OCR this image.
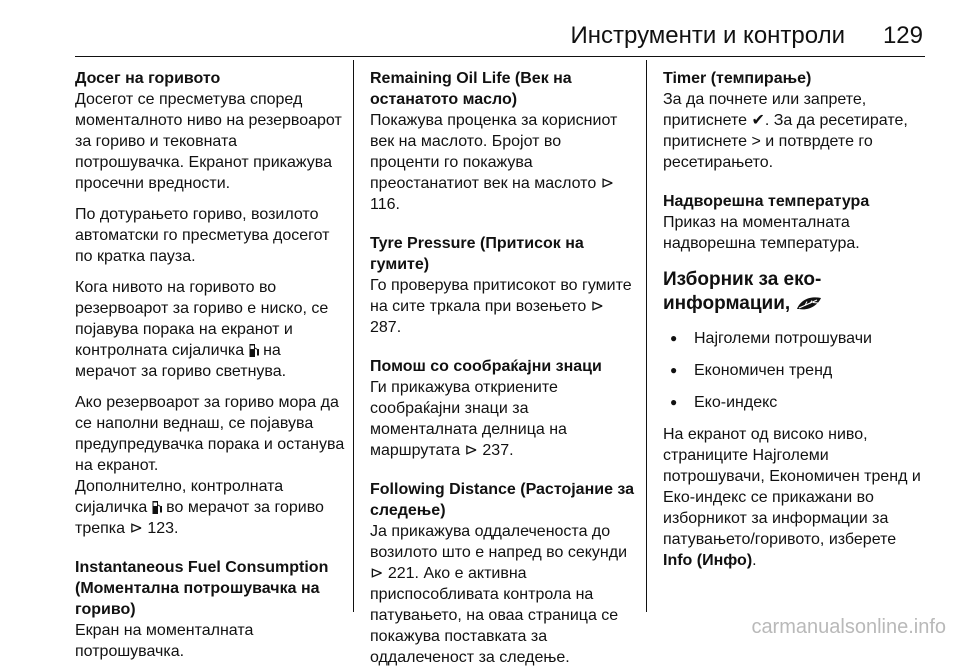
Инструменти и контроли 129
Досег на горивото
Досегот се пресметува според моменталното ниво на резервоарот за гориво и тековната потрошувачка. Екранот прикажува просечни вредности.
По дотурањето гориво, возилото автоматски го пресметува досегот по кратка пауза.
Кога нивото на горивото во резервоарот за гориво е ниско, се појавува порака на екранот и контролната сијаличка на мерачот за гориво светнува.
Ако резервоарот за гориво мора да се наполни веднаш, се појавува предупредувачка порака и останува на екранот.
Дополнително, контролната сијаличка во мерачот за гориво трепка ⊳ 123.
Instantaneous Fuel Consumption (Моментална потрошувачка на гориво)
Екран на моменталната потрошувачка.
Remaining Oil Life (Век на останатото масло)
Покажува проценка за корисниот век на маслото. Бројот во проценти го покажува преостанатиот век на маслото ⊳ 116.
Tyre Pressure (Притисок на гумите)
Го проверува притисокот во гумите на сите тркала при возењето ⊳ 287.
Помош со сообраќајни знаци
Ги прикажува откриените сообраќајни знаци за моменталната делница на маршрутата ⊳ 237.
Following Distance (Растојание за следење)
Ја прикажува оддалеченоста до возилото што е напред во секунди ⊳ 221. Ако е активна приспособливата контрола на патувањето, на оваа страница се покажува поставката за оддалеченост за следење.
Timer (темпирање)
За да почнете или запрете, притиснете ✔. За да ресетирате, притиснете > и потврдете го ресетирањето.
Надворешна температура
Приказ на моменталната надворешна температура.
Изборник за еко-информации,
● Најголеми потрошувачи
● Економичен тренд
● Еко-индекс
На екранот од високо ниво, страниците Најголеми потрошувачи, Економичен тренд и Еко-индекс се прикажани во изборникот за информации за патувањето/горивото, изберете Info (Инфо).
carmanualsonline.info
